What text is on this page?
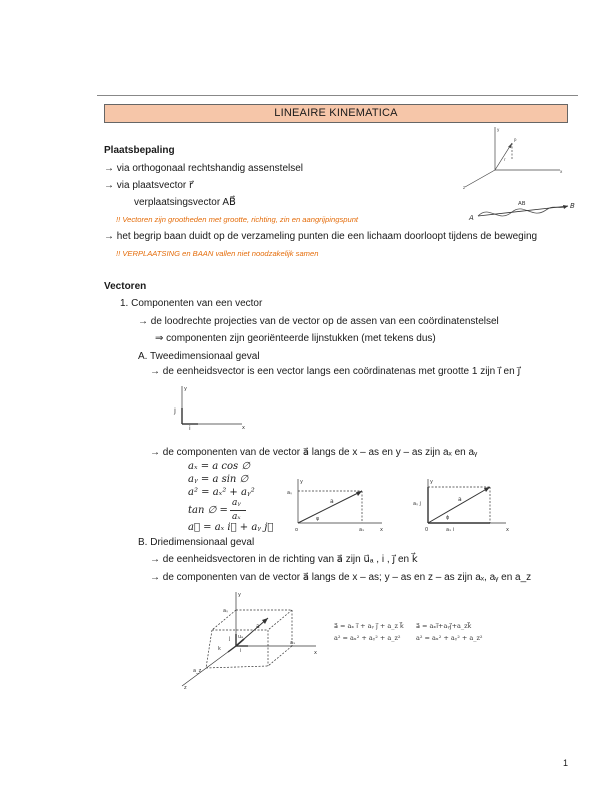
LINEAIRE KINEMATICA
Plaatsbepaling
→ via orthogonaal rechtshandig assenstelsel
→ via plaatsvector r⃗
verplaatsingsvector AB⃗
!! Vectoren zijn grootheden met grootte, richting, zin en aangrijpingspunt
→ het begrip baan duidt op de verzameling punten die een lichaam doorloopt tijdens de beweging
!! VERPLAATSING en BAAN vallen niet noodzakelijk samen
y
x
z
P
r
A
B
AB
Vectoren
1. Componenten van een vector
→ de loodrechte projecties van de vector op de assen van een coördinatenstelsel
⇒ componenten zijn georiënteerde lijnstukken (met tekens dus)
A. Tweedimensionaal geval
→ de eenheidsvector is een vector langs een coördinatenas met grootte 1 zijn i⃗ en j⃗
y
x
j
i
→ de componenten van de vector a⃗ langs de x – as en y – as zijn aₓ en aᵧ
aₓ = a cos ∅
aᵧ = a sin ∅
a² = aₓ² + aᵧ²
tan ∅ =
aᵧ
aₓ
a⃗ = aₓ i⃗ + aᵧ j⃗
y
x
o
aᵧ
aₓ
a
φ
y
x
0
aᵧ j
aₓ i
a
ϕ
B. Driedimensionaal geval
→ de eenheidsvectoren in de richting van a⃗ zijn u⃗ₐ , i , j⃗ en k⃗
→ de componenten van de vector a⃗ langs de x – as; y – as en z – as zijn aₓ, aᵧ en a_z
y
x
z
aᵧ
aₓ
a_z
a
uₐ
j
i
k
a⃗ = aₓ i⃗ + aᵧ j⃗ + a_z k⃗
a² = aₓ² + aᵧ² + a_z²
a⃗ = aₓi⃗+aᵧj⃗+a_zk⃗
a² = aₓ² + aᵧ² + a_z²
1
